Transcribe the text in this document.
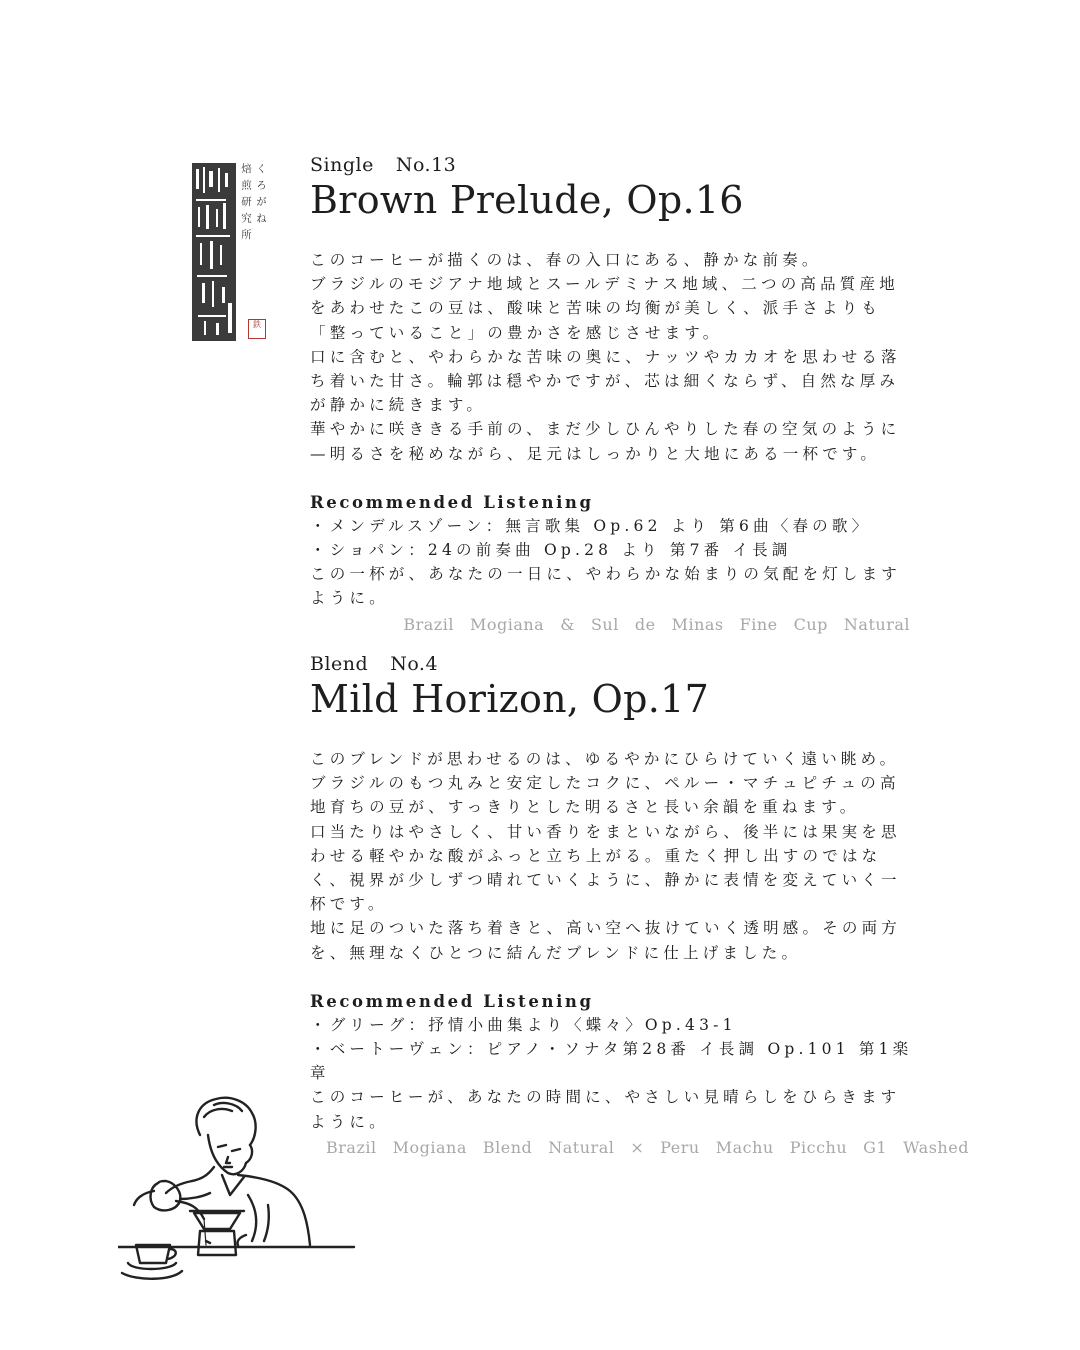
くろがね
焙煎研究所
鉄
Single No.13
Brown Prelude, Op.16
このコーヒーが描くのは、春の入口にある、静かな前奏。
ブラジルのモジアナ地域とスールデミナス地域、二つの高品質産地
をあわせたこの豆は、酸味と苦味の均衡が美しく、派手さよりも
「整っていること」の豊かさを感じさせます。
口に含むと、やわらかな苦味の奥に、ナッツやカカオを思わせる落
ち着いた甘さ。輪郭は穏やかですが、芯は細くならず、自然な厚み
が静かに続きます。
華やかに咲ききる手前の、まだ少しひんやりした春の空気のように
—明るさを秘めながら、足元はしっかりと大地にある一杯です。
Recommended Listening
・メンデルスゾーン：無言歌集 Op.62 より 第6曲〈春の歌〉
・ショパン：24の前奏曲 Op.28 より 第7番 イ長調
この一杯が、あなたの一日に、やわらかな始まりの気配を灯します
ように。
Brazil Mogiana & Sul de Minas Fine Cup Natural
Blend No.4
Mild Horizon, Op.17
このブレンドが思わせるのは、ゆるやかにひらけていく遠い眺め。
ブラジルのもつ丸みと安定したコクに、ペルー・マチュピチュの高
地育ちの豆が、すっきりとした明るさと長い余韻を重ねます。
口当たりはやさしく、甘い香りをまといながら、後半には果実を思
わせる軽やかな酸がふっと立ち上がる。重たく押し出すのではな
く、視界が少しずつ晴れていくように、静かに表情を変えていく一
杯です。
地に足のついた落ち着きと、高い空へ抜けていく透明感。その両方
を、無理なくひとつに結んだブレンドに仕上げました。
Recommended Listening
・グリーグ：抒情小曲集より〈蝶々〉Op.43-1
・ベートーヴェン：ピアノ・ソナタ第28番 イ長調 Op.101 第1楽
章
このコーヒーが、あなたの時間に、やさしい見晴らしをひらきます
ように。
Brazil Mogiana Blend Natural × Peru Machu Picchu G1 Washed
